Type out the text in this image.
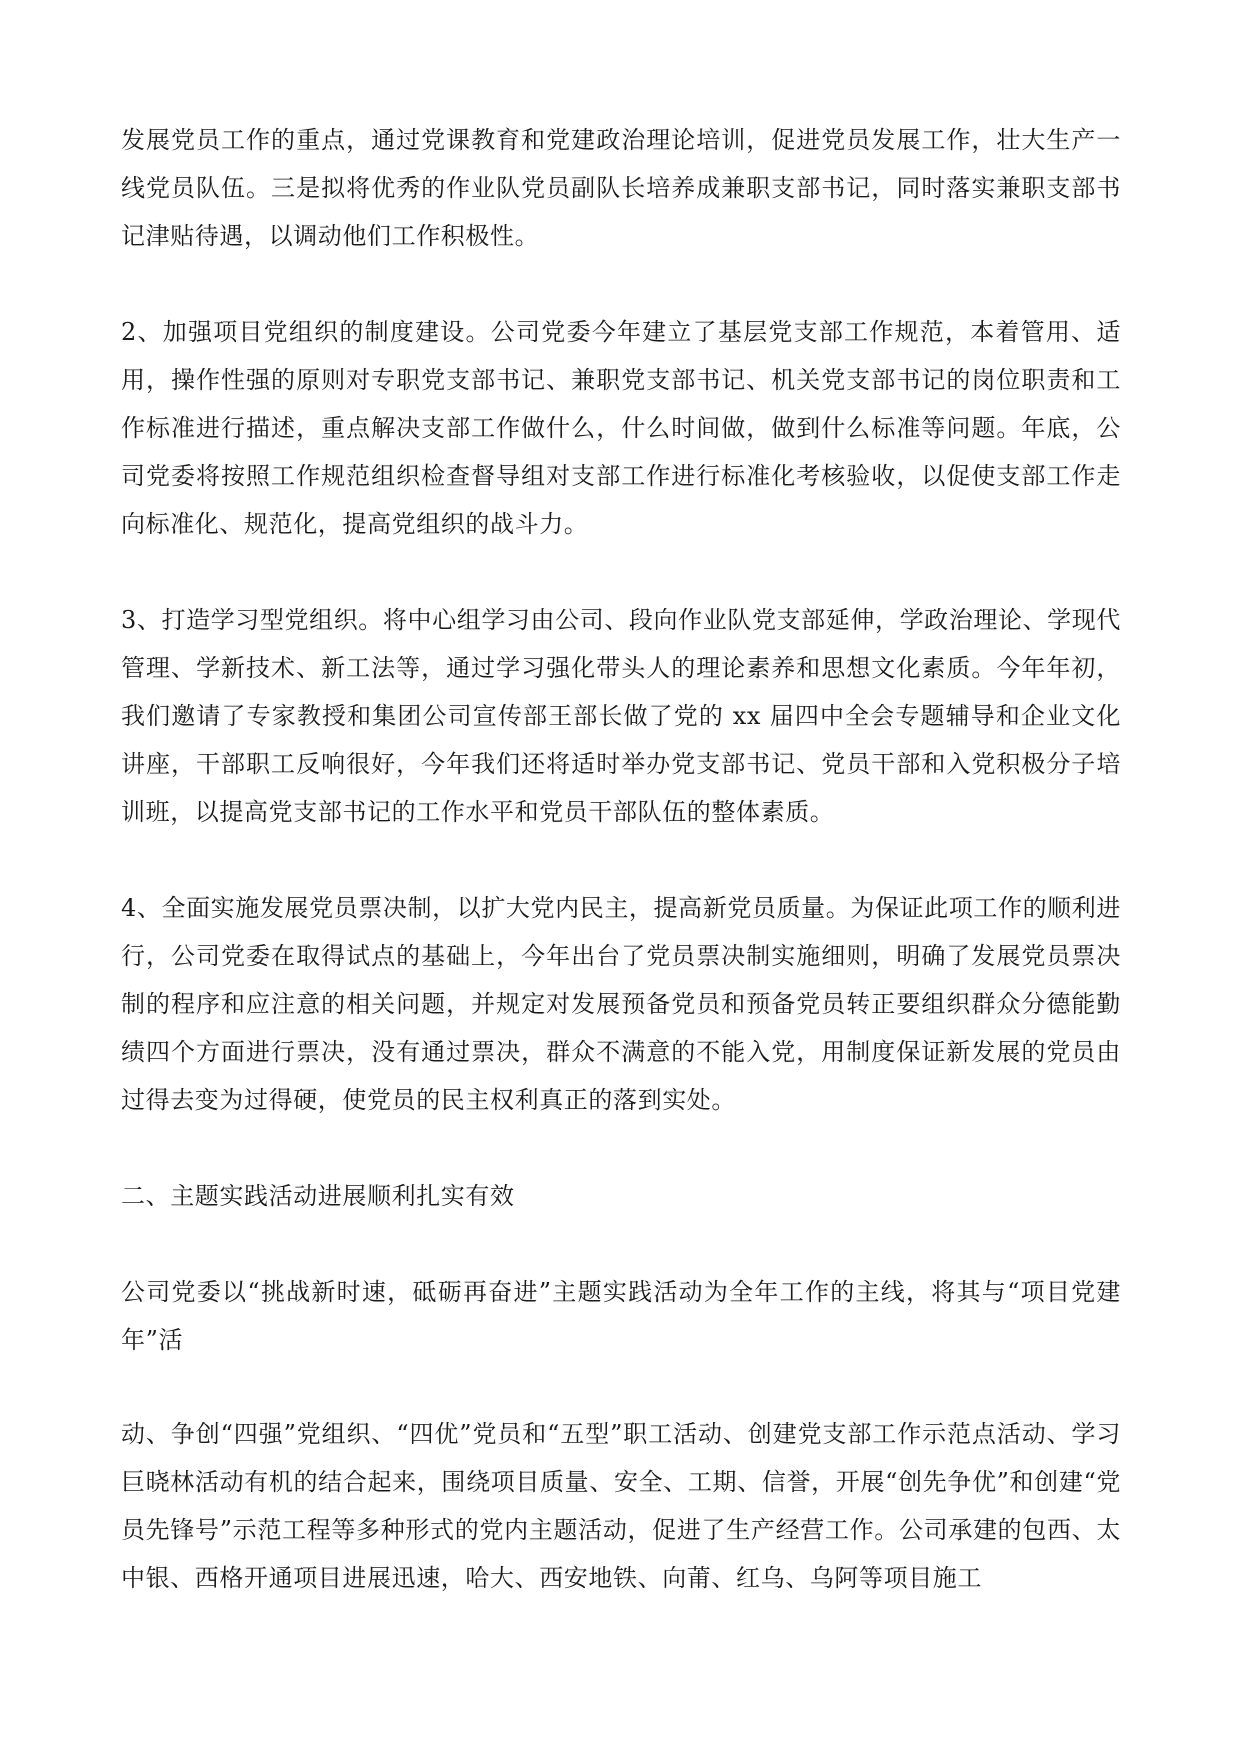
发展党员工作的重点，通过党课教育和党建政治理论培训，促进党员发展工作，壮大生产一线党员队伍。三是拟将优秀的作业队党员副队长培养成兼职支部书记，同时落实兼职支部书记津贴待遇，以调动他们工作积极性。

2、加强项目党组织的制度建设。公司党委今年建立了基层党支部工作规范，本着管用、适用，操作性强的原则对专职党支部书记、兼职党支部书记、机关党支部书记的岗位职责和工作标准进行描述，重点解决支部工作做什么，什么时间做，做到什么标准等问题。年底，公司党委将按照工作规范组织检查督导组对支部工作进行标准化考核验收，以促使支部工作走向标准化、规范化，提高党组织的战斗力。

3、打造学习型党组织。将中心组学习由公司、段向作业队党支部延伸，学政治理论、学现代管理、学新技术、新工法等，通过学习强化带头人的理论素养和思想文化素质。今年年初，我们邀请了专家教授和集团公司宣传部王部长做了党的 xx 届四中全会专题辅导和企业文化讲座，干部职工反响很好，今年我们还将适时举办党支部书记、党员干部和入党积极分子培训班，以提高党支部书记的工作水平和党员干部队伍的整体素质。

4、全面实施发展党员票决制，以扩大党内民主，提高新党员质量。为保证此项工作的顺利进行，公司党委在取得试点的基础上，今年出台了党员票决制实施细则，明确了发展党员票决制的程序和应注意的相关问题，并规定对发展预备党员和预备党员转正要组织群众分德能勤绩四个方面进行票决，没有通过票决，群众不满意的不能入党，用制度保证新发展的党员由过得去变为过得硬，使党员的民主权利真正的落到实处。

二、主题实践活动进展顺利扎实有效

公司党委以“挑战新时速，砥砺再奋进”主题实践活动为全年工作的主线，将其与“项目党建年”活

动、争创“四强”党组织、“四优”党员和“五型”职工活动、创建党支部工作示范点活动、学习巨晓林活动有机的结合起来，围绕项目质量、安全、工期、信誉，开展“创先争优”和创建“党员先锋号”示范工程等多种形式的党内主题活动，促进了生产经营工作。公司承建的包西、太中银、西格开通项目进展迅速，哈大、西安地铁、向莆、红乌、乌阿等项目施工
